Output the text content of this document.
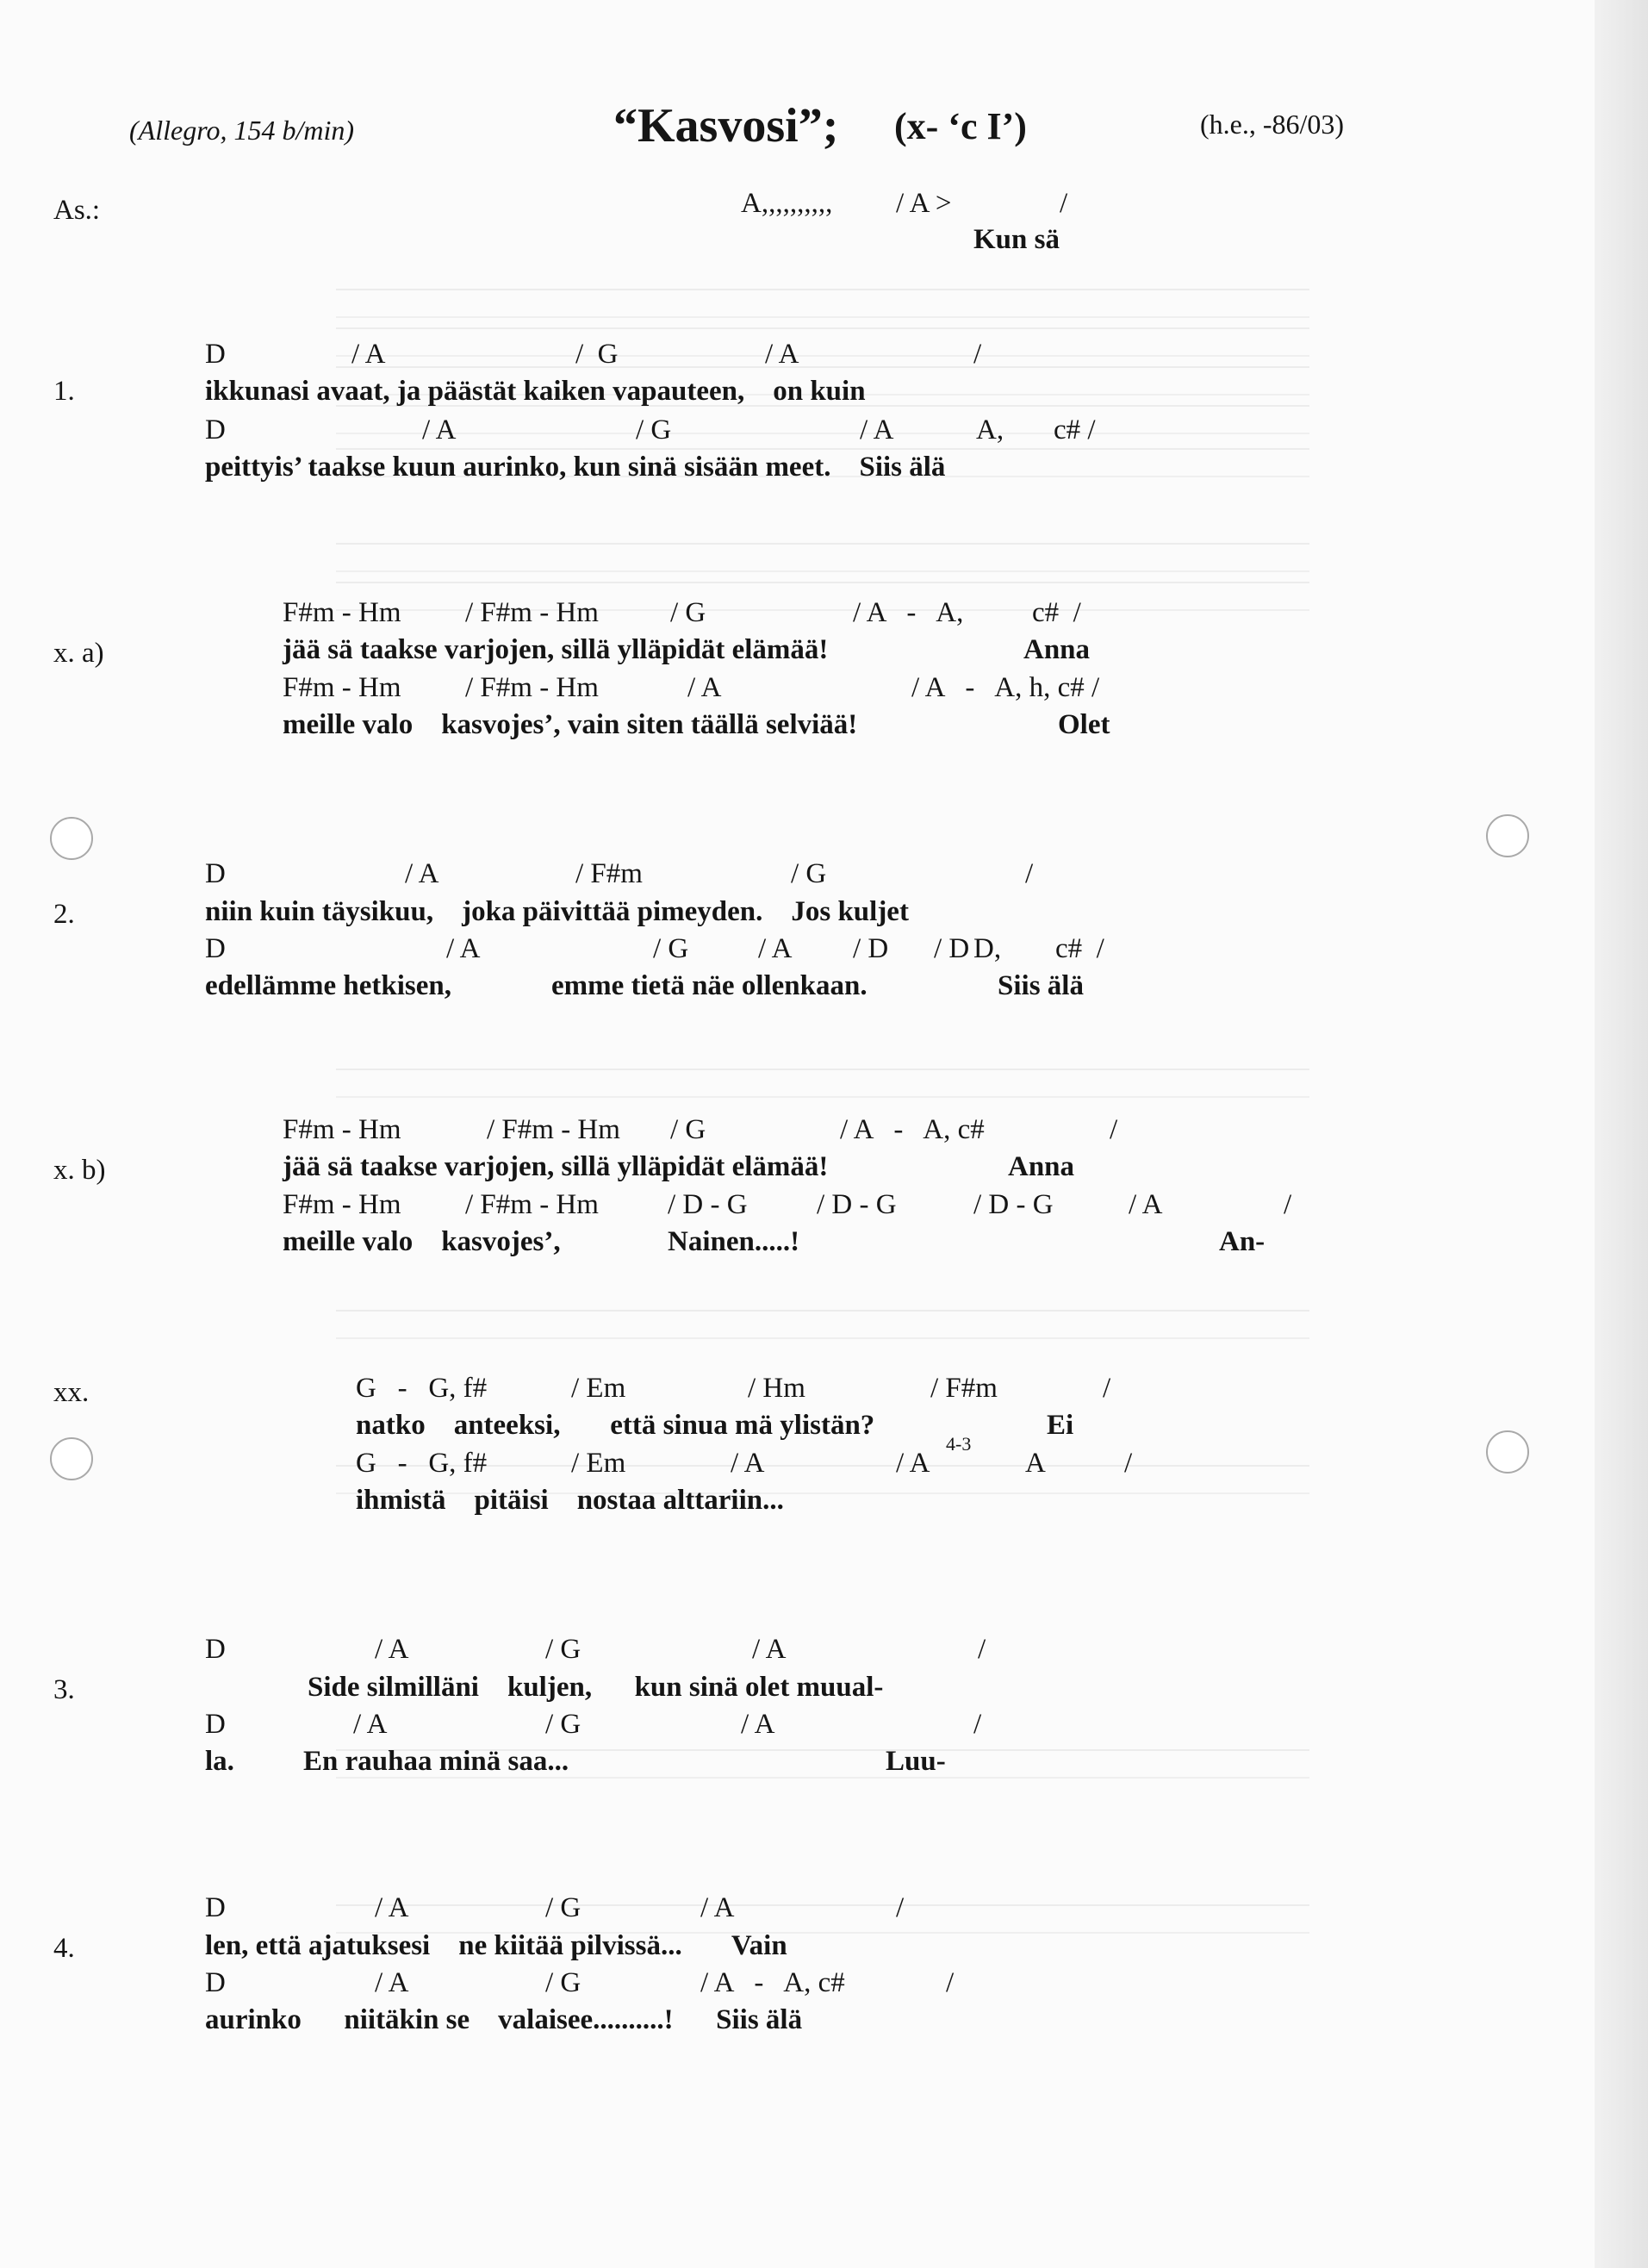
(Allegro, 154 b/min)	“Kasvosi”; (x- ‘c I’)	(h.e., -86/03)
As.:	A,,,,,,,,,, / A >	/
Kun sä
D	/ A	/  G	/ A	/
1.	ikkunasi avaat, ja päästät kaiken vapauteen,    on kuin
D	/ A	/ G	/ A	A, c# /
peittyis’ taakse kuun aurinko, kun sinä sisään meet.    Siis älä
F#m - Hm / F#m - Hm	/ G	/ A   -   A, c#  /
x. a)	jää sä taakse varjojen, sillä ylläpidät elämää!	Anna
F#m - Hm / F#m - Hm	/ A	/ A   -   A, h, c# /
meille valo    kasvojes’, vain siten täällä selviää!	Olet
D	/ A	/ F#m	/ G	/
2.	niin kuin täysikuu,    joka päivittää pimeyden.    Jos kuljet
D	/ A	/ G / A / D / D D, c#  /
edellämme hetkisen,	emme tietä näe ollenkaan.	Siis älä
F#m - Hm	/ F#m - Hm / G	/ A   -   A, c#	/
x. b)	jää sä taakse varjojen, sillä ylläpidät elämää!	Anna
F#m - Hm / F#m - Hm / D - G / D - G	/ D - G	/ A	/
meille valo    kasvojes’,	Nainen.....!	An-
xx.	G   -   G, f#	/ Em	/ Hm	/ F#m	/
natko    anteeksi,       että sinua mä ylistän?	Ei
G   -   G, f#	/ Em	/ A	/ A
4-3
A	/
ihmistä    pitäisi    nostaa alttariin...
D	/ A	/ G	/ A	/
3.	Side silmilläni    kuljen,      kun sinä olet muual-
D	/ A	/ G	/ A	/
la. En rauhaa minä saa...	Luu-
D	/ A	/ G	/ A	/
4.	len, että ajatuksesi    ne kiitää pilvissä...       Vain
D	/ A	/ G	/ A   -   A, c#	/
aurinko      niitäkin se    valaisee..........!      Siis älä
